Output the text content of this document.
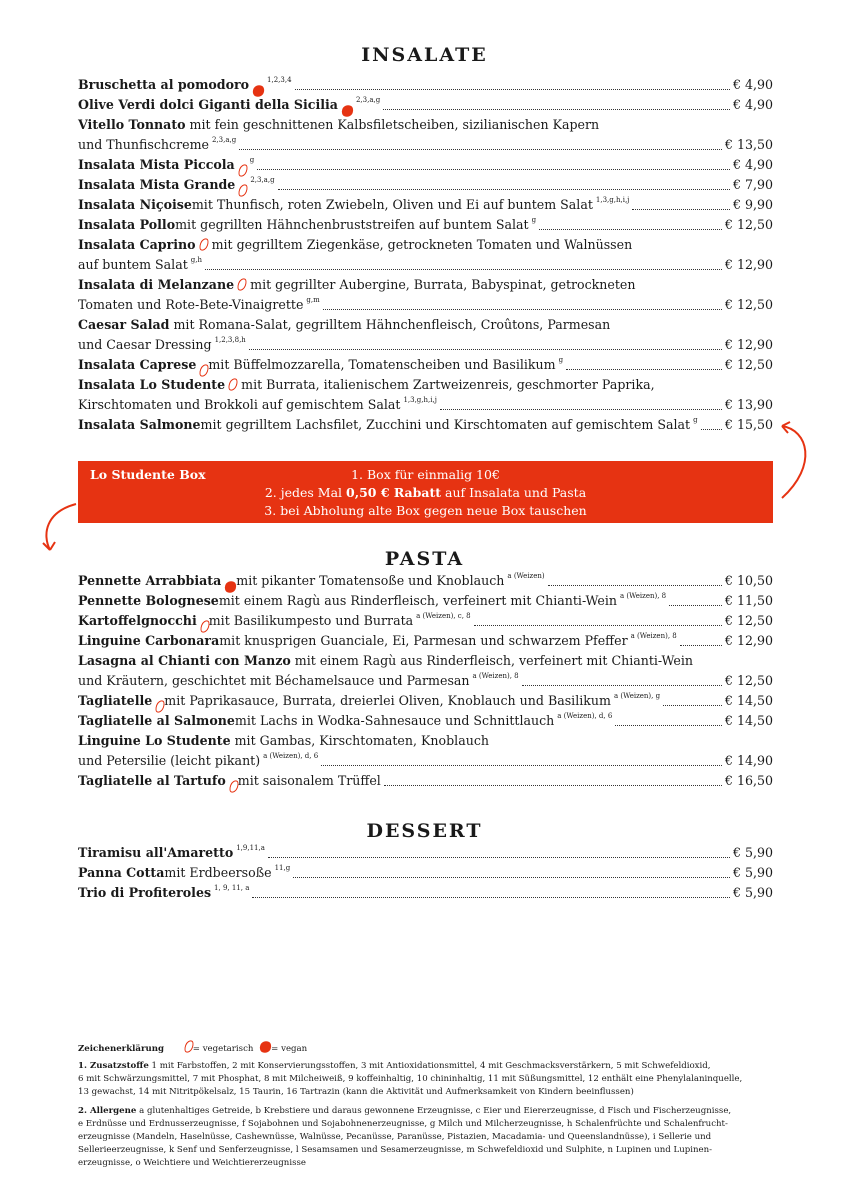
INSALATE
Bruschetta al pomodoro	1,2,3,4	€ 4,90
Olive Verdi dolci Giganti della Sicilia	2,3,a,g	€ 4,90
Vitello Tonnato mit fein geschnittenen Kalbsfiletscheiben, sizilianischen Kapern
und Thunfischcreme 2,3,a,g	€ 13,50
Insalata Mista Piccola g	€ 4,90
Insalata Mista Grande 2,3,a,g	€ 7,90
Insalata Niçoise mit Thunfisch, roten Zwiebeln, Oliven und Ei auf buntem Salat 1,3,g,h,i,j	€ 9,90
Insalata Pollo mit gegrillten Hähnchenbruststreifen auf buntem Salat g	€ 12,50
Insalata Caprino mit gegrilltem Ziegenkäse, getrockneten Tomaten und Walnüssen
auf buntem Salat g,h	€ 12,90
Insalata di Melanzane mit gegrillter Aubergine, Burrata, Babyspinat, getrockneten
Tomaten und Rote-Bete-Vinaigrette g,m	€ 12,50
Caesar Salad mit Romana-Salat, gegrilltem Hähnchenfleisch, Croûtons, Parmesan
und Caesar Dressing 1,2,3,8,h	€ 12,90
Insalata Caprese mit Büffelmozzarella, Tomatenscheiben und Basilikum g	€ 12,50
Insalata Lo Studente mit Burrata, italienischem Zartweizenreis, geschmorter Paprika,
Kirschtomaten und Brokkoli auf gemischtem Salat 1,3,g,h,i,j	€ 13,90
Insalata Salmone mit gegrilltem Lachsfilet, Zucchini und Kirschtomaten auf gemischtem Salat g € 15,50
Lo Studente Box	1. Box für einmalig 10€
2. jedes Mal 0,50 € Rabatt auf Insalata und Pasta
3. bei Abholung alte Box gegen neue Box tauschen
PASTA
Pennette Arrabbiata mit pikanter Tomatensoße und Knoblauch a (Weizen)	€ 10,50
Pennette Bolognese mit einem Ragù aus Rinderfleisch, verfeinert mit Chianti-Wein a (Weizen), 8	€ 11,50
Kartoffelgnocchi mit Basilikumpesto und Burrata a (Weizen), c, 8	€ 12,50
Linguine Carbonara mit knusprigen Guanciale, Ei, Parmesan und schwarzem Pfeffer a (Weizen), 8	€ 12,90
Lasagna al Chianti con Manzo mit einem Ragù aus Rinderfleisch, verfeinert mit Chianti-Wein
und Kräutern, geschichtet mit Béchamelsauce und Parmesan a (Weizen), 8	€ 12,50
Tagliatelle mit Paprikasauce, Burrata, dreierlei Oliven, Knoblauch und Basilikum a (Weizen), g	€ 14,50
Tagliatelle al Salmone mit Lachs in Wodka-Sahnesauce und Schnittlauch a (Weizen), d, 6	€ 14,50
Linguine Lo Studente mit Gambas, Kirschtomaten, Knoblauch
und Petersilie (leicht pikant) a (Weizen), d, 6	€ 14,90
Tagliatelle al Tartufo mit saisonalem Trüffel	€ 16,50
DESSERT
Tiramisu all'Amaretto 1,9,11,a	€ 5,90
Panna Cotta mit Erdbeersoße 11,g	€ 5,90
Trio di Profiteroles 1, 9, 11, a	€ 5,90
Zeichenerklärung	= vegetarisch = vegan
1. Zusatzstoffe 1 mit Farbstoffen, 2 mit Konservierungsstoffen, 3 mit Antioxidationsmittel, 4 mit Geschmacksverstärkern, 5 mit Schwefeldioxid,
6 mit Schwärzungsmittel, 7 mit Phosphat, 8 mit Milcheiweiß, 9 koffeinhaltig, 10 chininhaltig, 11 mit Süßungsmittel, 12 enthält eine Phenylalaninquelle,
13 gewachst, 14 mit Nitritpökelsalz, 15 Taurin, 16 Tartrazin (kann die Aktivität und Aufmerksamkeit von Kindern beeinflussen)
2. Allergene a glutenhaltiges Getreide, b Krebstiere und daraus gewonnene Erzeugnisse, c Eier und Eiererzeugnisse, d Fisch und Fischerzeugnisse,
e Erdnüsse und Erdnusserzeugnisse, f Sojabohnen und Sojabohnenerzeugnisse, g Milch und Milcherzeugnisse, h Schalenfrüchte und Schalenfrucht-
erzeugnisse (Mandeln, Haselnüsse, Cashewnüsse, Walnüsse, Pecanüsse, Paranüsse, Pistazien, Macadamia- und Queenslandnüsse), i Sellerie und
Sellerieerzeugnisse, k Senf und Senferzeugnisse, l Sesamsamen und Sesamerzeugnisse, m Schwefeldioxid und Sulphite, n Lupinen und Lupinen-
erzeugnisse, o Weichtiere und Weichtiererzeugnisse
